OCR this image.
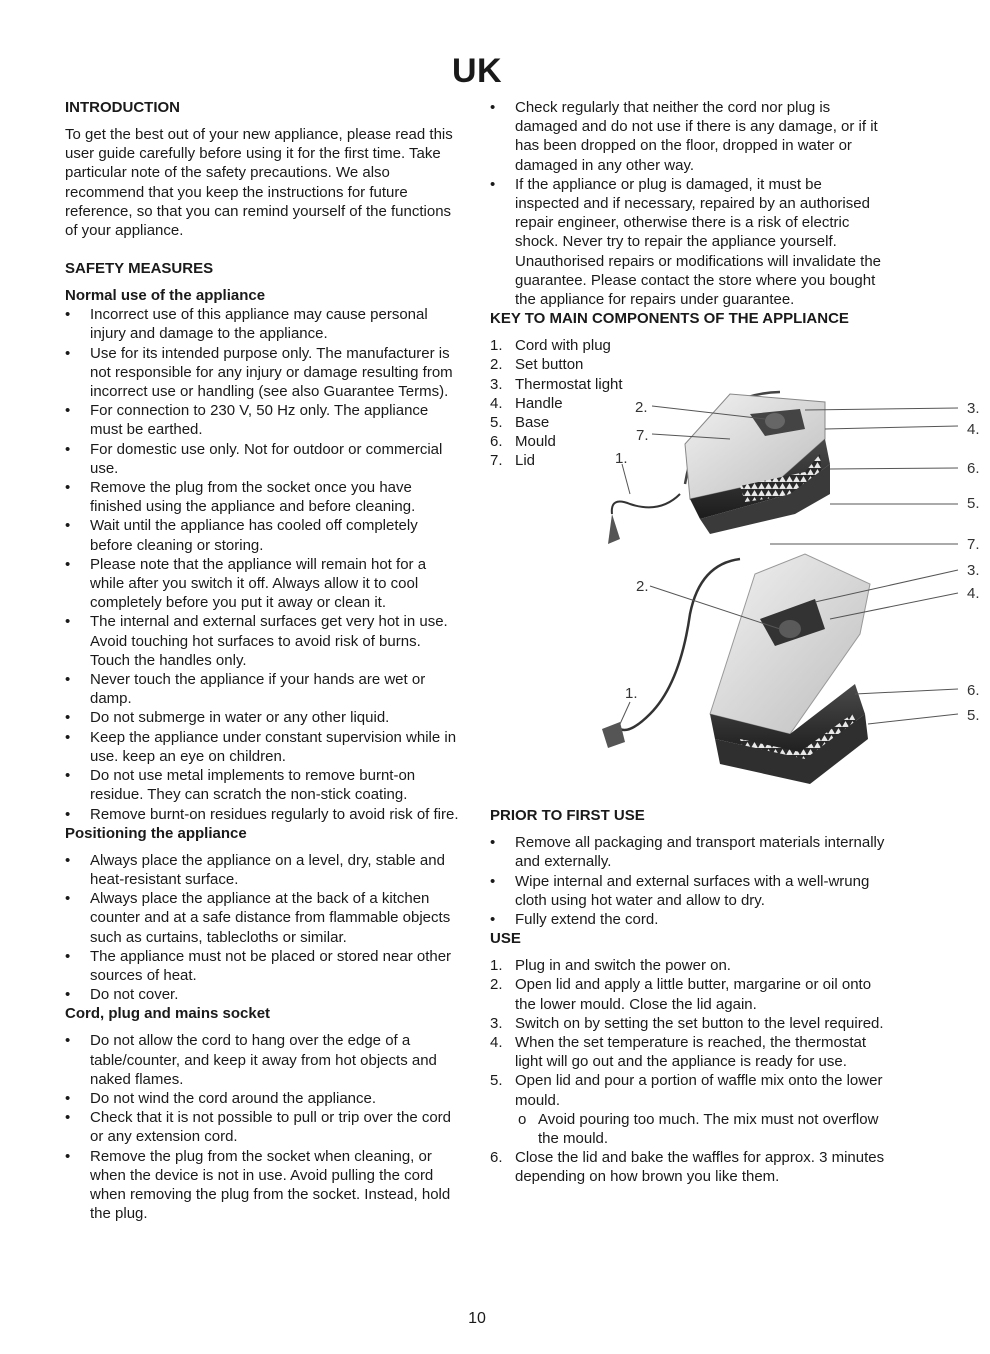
UK
INTRODUCTION

To get the best out of your new appliance, please read this user guide carefully before using it for the first time. Take particular note of the safety precautions. We also recommend that you keep the instructions for future reference, so that you can remind yourself of the functions of your appliance.

SAFETY MEASURES
Normal use of the appliance
• Incorrect use of this appliance may cause personal injury and damage to the appliance.
• Use for its intended purpose only. The manufacturer is not responsible for any injury or damage resulting from incorrect use or handling (see also Guarantee Terms).
• For connection to 230 V, 50 Hz only. The appliance must be earthed.
• For domestic use only. Not for outdoor or commercial use.
• Remove the plug from the socket once you have finished using the appliance and before cleaning.
• Wait until the appliance has cooled off completely before cleaning or storing.
• Please note that the appliance will remain hot for a while after you switch it off. Always allow it to cool completely before you put it away or clean it.
• The internal and external surfaces get very hot in use. Avoid touching hot surfaces to avoid risk of burns. Touch the handles only.
• Never touch the appliance if your hands are wet or damp.
• Do not submerge in water or any other liquid.
• Keep the appliance under constant supervision while in use. keep an eye on children.
• Do not use metal implements to remove burnt-on residue. They can scratch the non-stick coating.
• Remove burnt-on residues regularly to avoid risk of fire.
Positioning the appliance
• Always place the appliance on a level, dry, stable and heat-resistant surface.
• Always place the appliance at the back of a kitchen counter and at a safe distance from flammable objects such as curtains, tablecloths or similar.
• The appliance must not be placed or stored near other sources of heat.
• Do not cover.
Cord, plug and mains socket
• Do not allow the cord to hang over the edge of a table/counter, and keep it away from hot objects and naked flames.
• Do not wind the cord around the appliance.
• Check that it is not possible to pull or trip over the cord or any extension cord.
• Remove the plug from the socket when cleaning, or when the device is not in use. Avoid pulling the cord when removing the plug from the socket. Instead, hold the plug.
• Check regularly that neither the cord nor plug is damaged and do not use if there is any damage, or if it has been dropped on the floor, dropped in water or damaged in any other way.
• If the appliance or plug is damaged, it must be inspected and if necessary, repaired by an authorised repair engineer, otherwise there is a risk of electric shock. Never try to repair the appliance yourself. Unauthorised repairs or modifications will invalidate the guarantee. Please contact the store where you bought the appliance for repairs under guarantee.
KEY TO MAIN COMPONENTS OF THE APPLIANCE
1. Cord with plug
2. Set button
3. Thermostat light
4. Handle
5. Base
6. Mould
7. Lid
2.
7.
1.
3.
4.
6.
5.
7.
3.
2.	4.
1.	6.
5.
PRIOR TO FIRST USE
• Remove all packaging and transport materials internally and externally.
• Wipe internal and external surfaces with a well-wrung cloth using hot water and allow to dry.
• Fully extend the cord.
USE
1. Plug in and switch the power on.
2. Open lid and apply a little butter, margarine or oil onto the lower mould. Close the lid again.
3. Switch on by setting the set button to the level required.
4. When the set temperature is reached, the thermostat light will go out and the appliance is ready for use.
5. Open lid and pour a portion of waffle mix onto the lower mould.
o Avoid pouring too much. The mix must not overflow the mould.
6. Close the lid and bake the waffles for approx. 3 minutes depending on how brown you like them.
10
